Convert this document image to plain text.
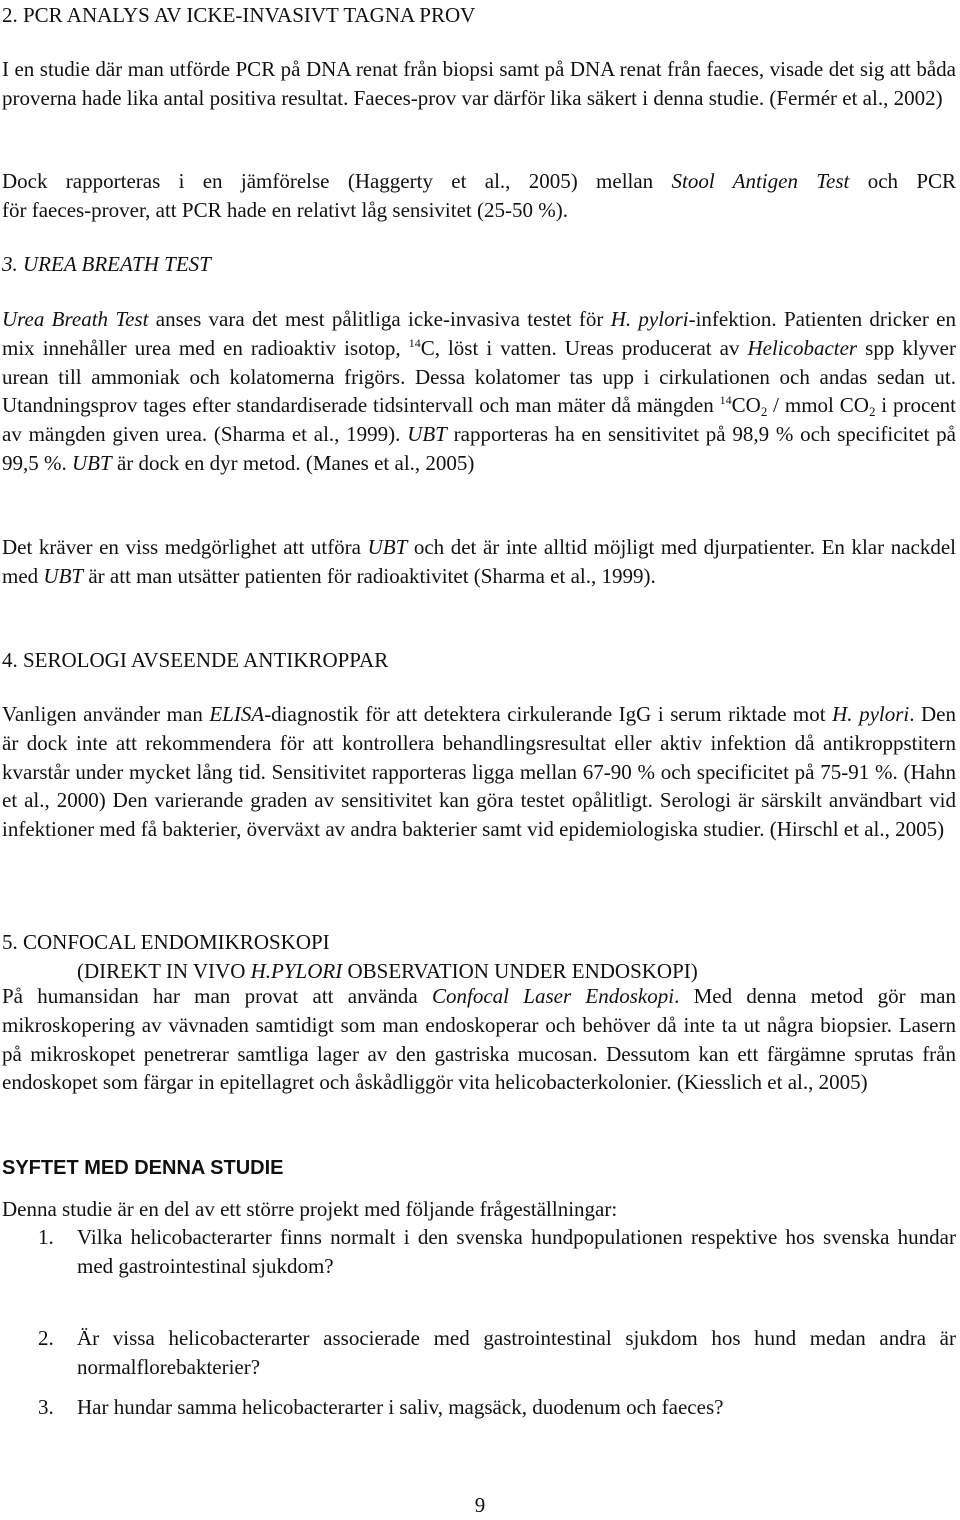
2. PCR ANALYS AV ICKE-INVASIVT TAGNA PROV

I en studie där man utförde PCR på DNA renat från biopsi samt på DNA renat från faeces, visade det sig att båda proverna hade lika antal positiva resultat. Faeces-prov var därför lika säkert i denna studie. (Fermér et al., 2002)

Dock rapporteras i en jämförelse (Haggerty et al., 2005) mellan Stool Antigen Test och PCR

för faeces-prover, att PCR hade en relativt låg sensivitet (25-50 %).

3. UREA BREATH TEST

Urea Breath Test anses vara det mest pålitliga icke-invasiva testet för H. pylori-infektion. Patienten dricker en mix innehåller urea med en radioaktiv isotop, $^{14}$C, löst i vatten. Ureas producerat av Helicobacter spp klyver urean till ammoniak och kolatomerna frigörs. Dessa kolatomer tas upp i cirkulationen och andas sedan ut. Utandningsprov tages efter standardiserade tidsintervall och man mäter då mängden $^{14}CO_2$ / mmol $CO_2$ i procent av mängden given urea. (Sharma et al., 1999). UBT rapporteras ha en sensitivitet på 98,9 % och specificitet på 99,5 %. UBT är dock en dyr metod. (Manes et al., 2005)

Det kräver en viss medgörlighet att utföra UBT och det är inte alltid möjligt med djurpatienter. En klar nackdel med UBT är att man utsätter patienten för radioaktivitet (Sharma et al., 1999).

4. SEROLOGI AVSEENDE ANTIKROPPAR

Vanligen använder man ELISA-diagnostik för att detektera cirkulerande IgG i serum riktade mot H. pylori. Den är dock inte att rekommendera för att kontrollera behandlingsresultat eller aktiv infektion då antikroppstitern kvarstår under mycket lång tid. Sensitivitet rapporteras ligga mellan 67-90 % och specificitet på 75-91 %. (Hahn et al., 2000) Den varierande graden av sensitivitet kan göra testet opålitligt. Serologi är särskilt användbart vid infektioner med få bakterier, överväxt av andra bakterier samt vid epidemiologiska studier. (Hirschl et al., 2005)

5. CONFOCAL ENDOMIKROSKOPI
(DIREKT IN VIVO H.PYLORI OBSERVATION UNDER ENDOSKOPI)

På humansidan har man provat att använda Confocal Laser Endoskopi. Med denna metod gör man mikroskopering av vävnaden samtidigt som man endoskoperar och behöver då inte ta ut några biopsier. Lasern på mikroskopet penetrerar samtliga lager av den gastriska mucosan. Dessutom kan ett färgämne sprutas från endoskopet som färgar in epitellagret och åskådliggör vita helicobacterkolonier. (Kiesslich et al., 2005)

SYFTET MED DENNA STUDIE

Denna studie är en del av ett större projekt med följande frågeställningar:

1. Vilka helicobacterarter finns normalt i den svenska hundpopulationen respektive hos svenska hundar med gastrointestinal sjukdom?
2. Är vissa helicobacterarter associerade med gastrointestinal sjukdom hos hund medan andra är normalflorebakterier?
3. Har hundar samma helicobacterarter i saliv, magsäck, duodenum och faeces?
9
